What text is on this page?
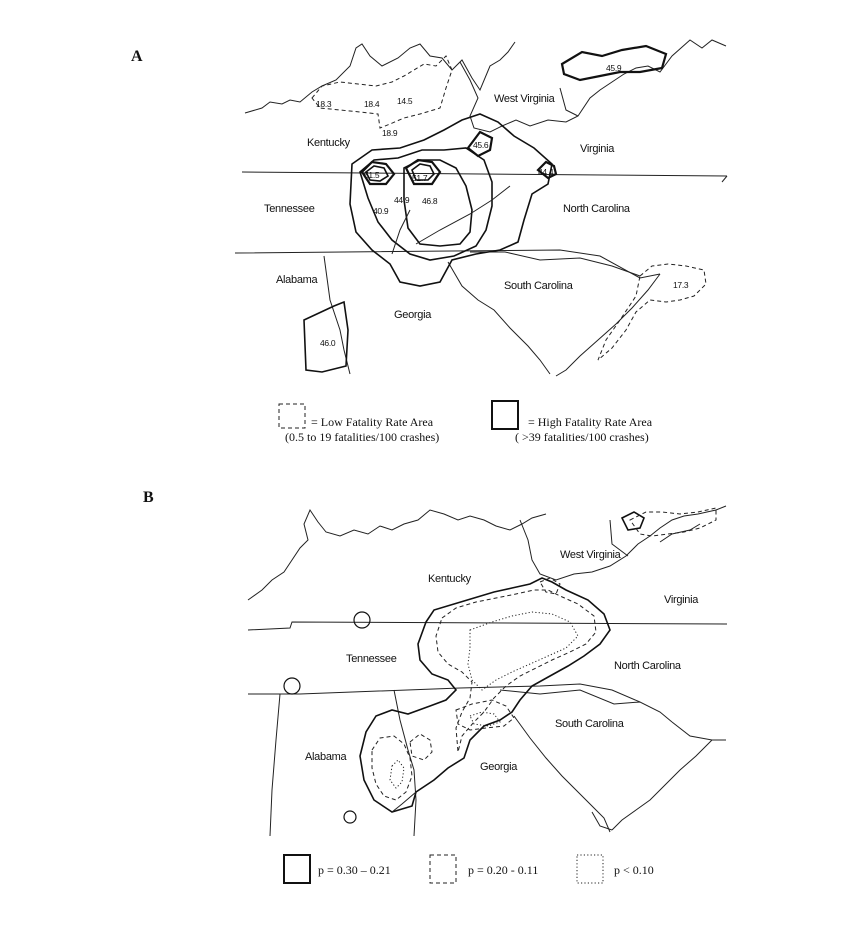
A
West Virginia
Virginia
Kentucky
Tennessee	North Carolina
Alabama	South Carolina
Georgia
45.9
18.3	18.4 14.5
18.9
45.6
51.5	51.7
44.4
40.9
44.9 46.8
17.3
46.0
= Low Fatality Rate Area
(0.5 to 19 fatalities/100 crashes)
= High Fatality Rate Area
( >39 fatalities/100 crashes)
B
West Virginia
Kentucky
Virginia
Tennessee
North Carolina
South Carolina
Alabama
Georgia
p = 0.30 – 0.21	p = 0.20 - 0.11	p < 0.10
